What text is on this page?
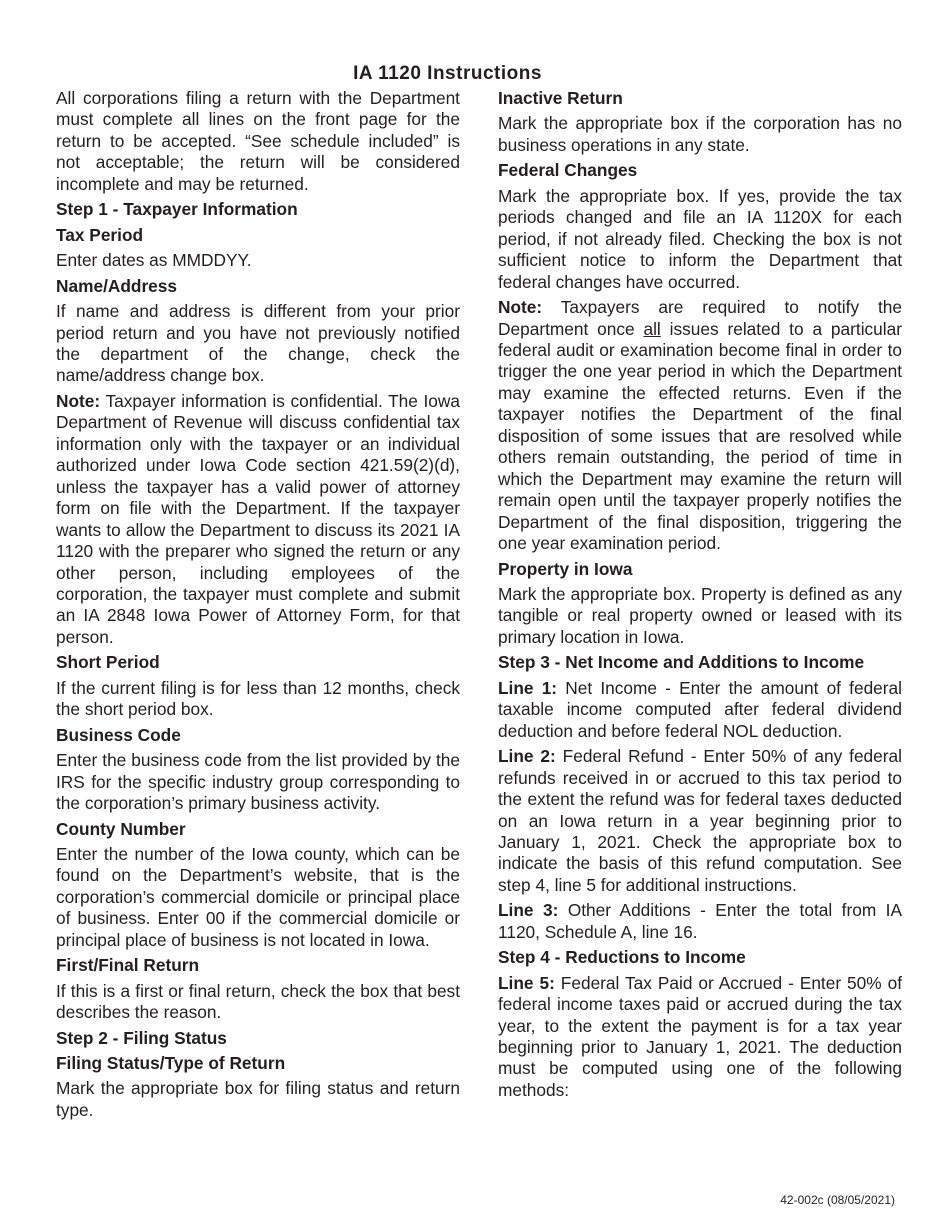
IA 1120 Instructions

All corporations filing a return with the Department must complete all lines on the front page for the return to be accepted. “See schedule included” is not acceptable; the return will be considered incomplete and may be returned.

Step 1 - Taxpayer Information
Tax Period

Enter dates as MMDDYY.

Name/Address

If name and address is different from your prior period return and you have not previously notified the department of the change, check the name/address change box.

Note: Taxpayer information is confidential. The Iowa Department of Revenue will discuss confidential tax information only with the taxpayer or an individual authorized under Iowa Code section 421.59(2)(d), unless the taxpayer has a valid power of attorney form on file with the Department. If the taxpayer wants to allow the Department to discuss its 2021 IA 1120 with the preparer who signed the return or any other person, including employees of the corporation, the taxpayer must complete and submit an IA 2848 Iowa Power of Attorney Form, for that person.

Short Period

If the current filing is for less than 12 months, check the short period box.

Business Code

Enter the business code from the list provided by the IRS for the specific industry group corresponding to the corporation’s primary business activity.

County Number

Enter the number of the Iowa county, which can be found on the Department’s website, that is the corporation’s commercial domicile or principal place of business. Enter 00 if the commercial domicile or principal place of business is not located in Iowa.

First/Final Return

If this is a first or final return, check the box that best describes the reason.

Step 2 - Filing Status
Filing Status/Type of Return

Mark the appropriate box for filing status and return type.

Inactive Return

Mark the appropriate box if the corporation has no business operations in any state.

Federal Changes

Mark the appropriate box. If yes, provide the tax periods changed and file an IA 1120X for each period, if not already filed. Checking the box is not sufficient notice to inform the Department that federal changes have occurred.

Note: Taxpayers are required to notify the Department once all issues related to a particular federal audit or examination become final in order to trigger the one year period in which the Department may examine the effected returns. Even if the taxpayer notifies the Department of the final disposition of some issues that are resolved while others remain outstanding, the period of time in which the Department may examine the return will remain open until the taxpayer properly notifies the Department of the final disposition, triggering the one year examination period.

Property in Iowa

Mark the appropriate box. Property is defined as any tangible or real property owned or leased with its primary location in Iowa.

Step 3 - Net Income and Additions to Income

Line 1: Net Income - Enter the amount of federal taxable income computed after federal dividend deduction and before federal NOL deduction.

Line 2: Federal Refund - Enter 50% of any federal refunds received in or accrued to this tax period to the extent the refund was for federal taxes deducted on an Iowa return in a year beginning prior to January 1, 2021. Check the appropriate box to indicate the basis of this refund computation. See step 4, line 5 for additional instructions.

Line 3: Other Additions - Enter the total from IA 1120, Schedule A, line 16.

Step 4 - Reductions to Income

Line 5: Federal Tax Paid or Accrued - Enter 50% of federal income taxes paid or accrued during the tax year, to the extent the payment is for a tax year beginning prior to January 1, 2021. The deduction must be computed using one of the following methods:

42-002c (08/05/2021)
